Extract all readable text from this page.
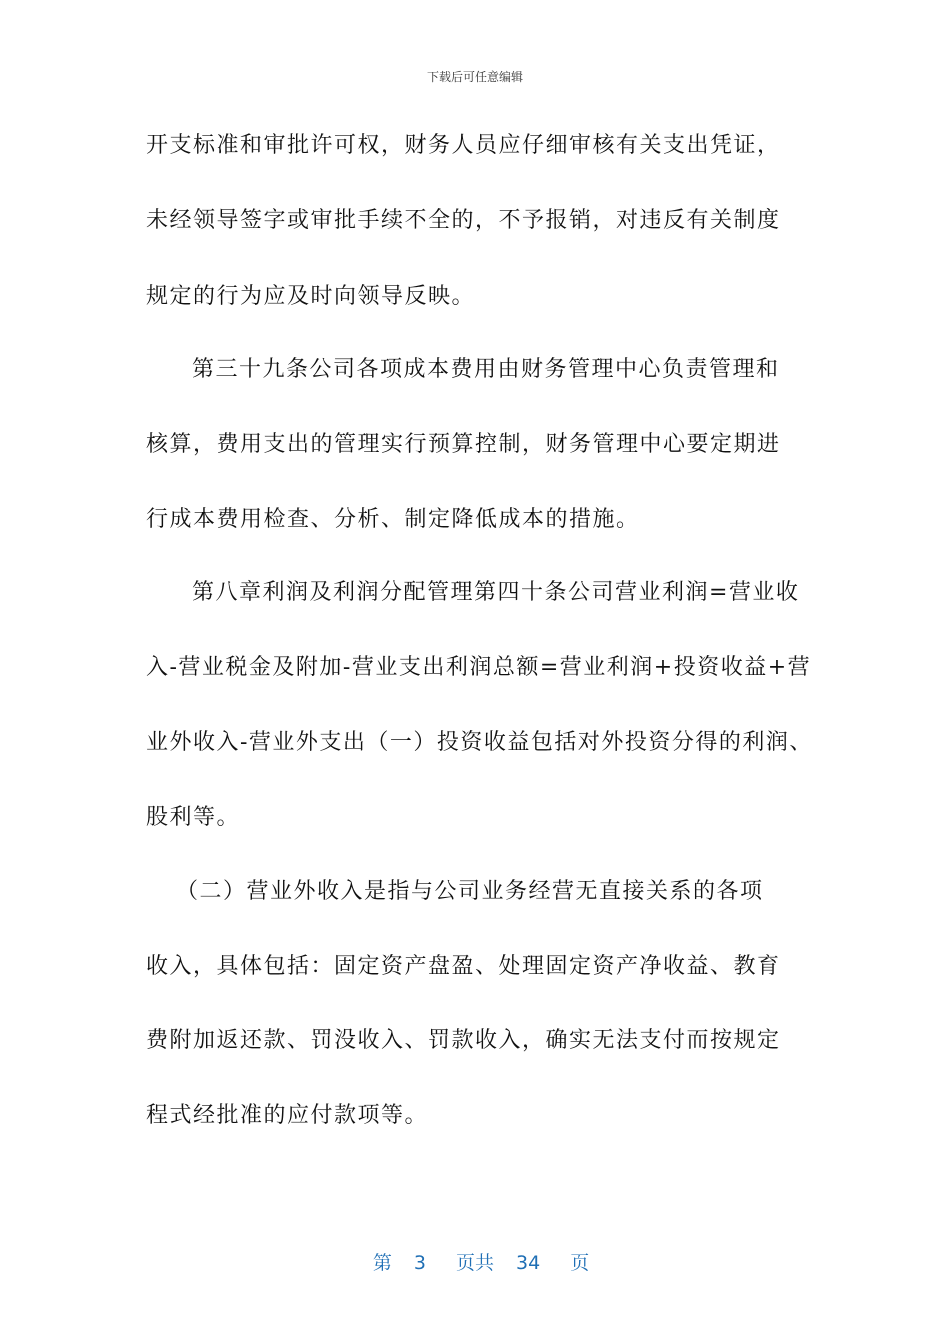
下载后可任意编辑
开支标准和审批许可权，财务人员应仔细审核有关支出凭证，
未经领导签字或审批手续不全的，不予报销，对违反有关制度
规定的行为应及时向领导反映。
第三十九条公司各项成本费用由财务管理中心负责管理和
核算，费用支出的管理实行预算控制，财务管理中心要定期进
行成本费用检查、分析、制定降低成本的措施。
第八章利润及利润分配管理第四十条公司营业利润=营业收
入-营业税金及附加-营业支出利润总额=营业利润+投资收益+营
业外收入-营业外支出（一）投资收益包括对外投资分得的利润、
股利等。
（二）营业外收入是指与公司业务经营无直接关系的各项
收入，具体包括：固定资产盘盈、处理固定资产净收益、教育
费附加返还款、罚没收入、罚款收入，确实无法支付而按规定
程式经批准的应付款项等。

第 3 页共 34 页
